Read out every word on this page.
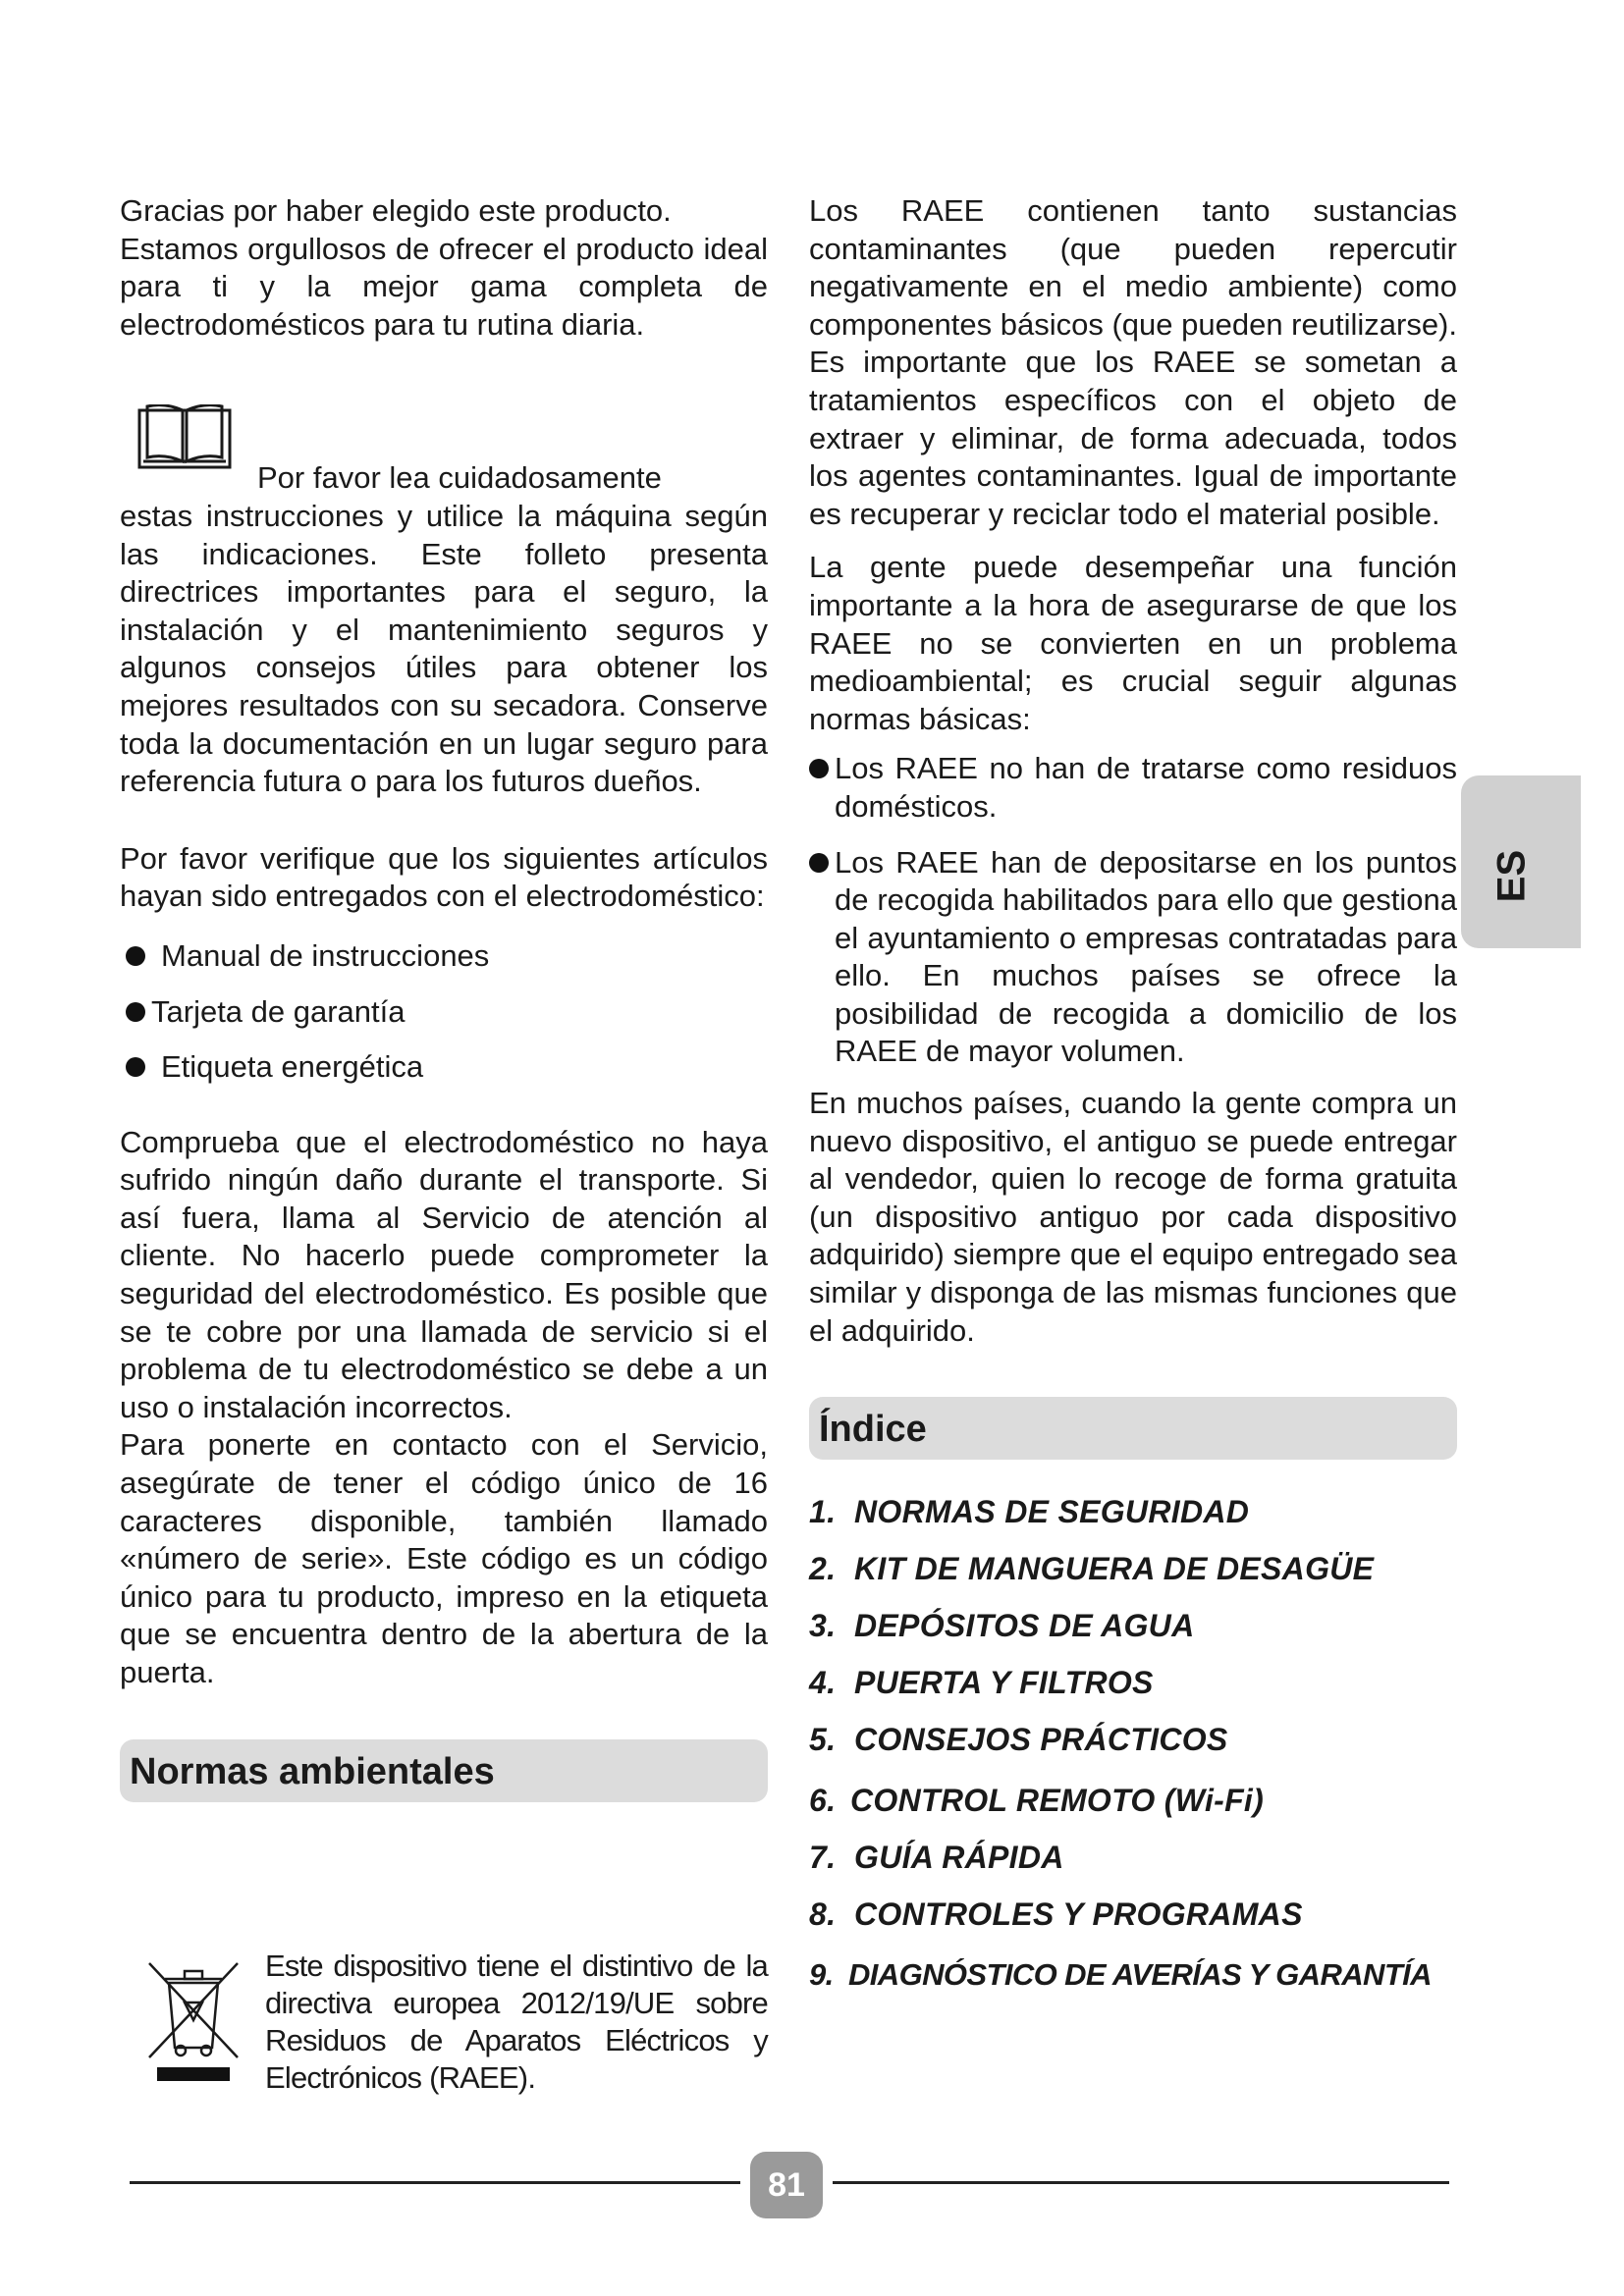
Gracias por haber elegido este producto.

Estamos orgullosos de ofrecer el producto ideal para ti y la mejor gama completa de electrodomésticos para tu rutina diaria.

Por favor lea cuidadosamente

estas instrucciones y utilice la máquina según las indicaciones. Este folleto presenta directrices importantes para el seguro, la instalación y el mantenimiento seguros y algunos consejos útiles para obtener los mejores resultados con su secadora. Conserve toda la documentación en un lugar seguro para referencia futura o para los futuros dueños.

Por favor verifique que los siguientes artículos hayan sido entregados con el electrodoméstico:

Manual de instrucciones

Tarjeta de garantía

Etiqueta energética

Comprueba que el electrodoméstico no haya sufrido ningún daño durante el transporte. Si así fuera, llama al Servicio de atención al cliente. No hacerlo puede comprometer la seguridad del electrodoméstico. Es posible que se te cobre por una llamada de servicio si el problema de tu electrodoméstico se debe a un uso o instalación incorrectos.

Para ponerte en contacto con el Servicio, asegúrate de tener el código único de 16 caracteres disponible, también llamado «número de serie». Este código es un código único para tu producto, impreso en la etiqueta que se encuentra dentro de la abertura de la puerta.

Normas ambientales

Este dispositivo tiene el distintivo de la directiva europea 2012/19/UE sobre Residuos de Aparatos Eléctricos y Electrónicos (RAEE).

Los RAEE contienen tanto sustancias contaminantes (que pueden repercutir negativamente en el medio ambiente) como componentes básicos (que pueden reutilizarse). Es importante que los RAEE se sometan a tratamientos específicos con el objeto de extraer y eliminar, de forma adecuada, todos los agentes contaminantes. Igual de importante es recuperar y reciclar todo el material posible.

La gente puede desempeñar una función importante a la hora de asegurarse de que los RAEE no se convierten en un problema medioambiental; es crucial seguir algunas normas básicas:

Los RAEE no han de tratarse como residuos domésticos.

Los RAEE han de depositarse en los puntos de recogida habilitados para ello que gestiona el ayuntamiento o empresas contratadas para ello. En muchos países se ofrece la posibilidad de recogida a domicilio de los RAEE de mayor volumen.

En muchos países, cuando la gente compra un nuevo dispositivo, el antiguo se puede entregar al vendedor, quien lo recoge de forma gratuita (un dispositivo antiguo por cada dispositivo adquirido) siempre que el equipo entregado sea similar y disponga de las mismas funciones que el adquirido.

Índice
1. NORMAS DE SEGURIDAD
2. KIT DE MANGUERA DE DESAGÜE
3. DEPÓSITOS DE AGUA
4. PUERTA Y FILTROS
5. CONSEJOS PRÁCTICOS
6. CONTROL REMOTO (Wi-Fi)
7. GUÍA RÁPIDA
8. CONTROLES Y PROGRAMAS
9. DIAGNÓSTICO DE AVERÍAS Y GARANTÍA
ES
81
